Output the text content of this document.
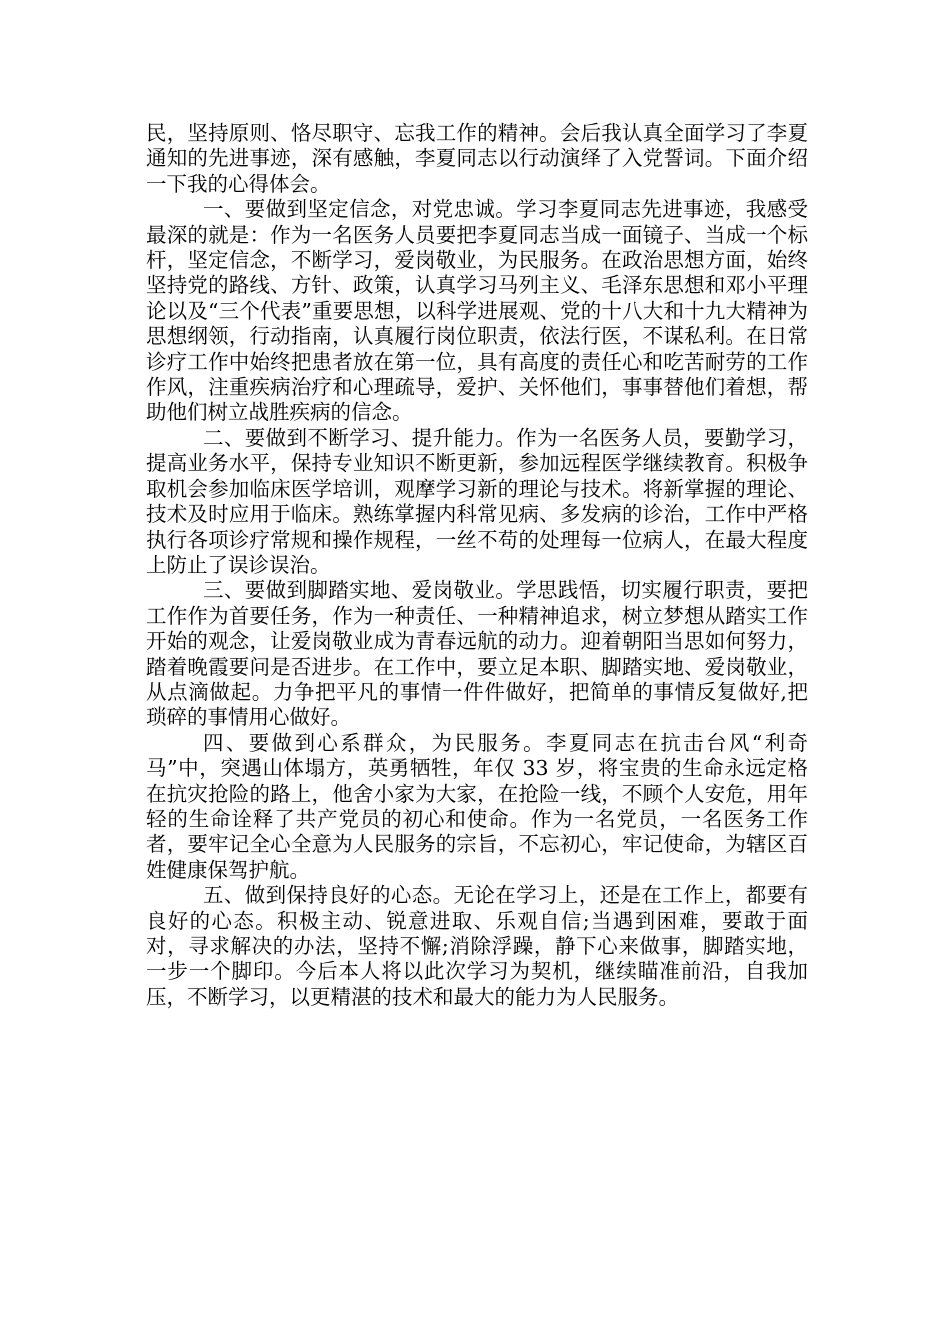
民，坚持原则、恪尽职守、忘我工作的精神。会后我认真全面学习了李夏通知的先进事迹，深有感触，李夏同志以行动演绎了入党誓词。下面介绍一下我的心得体会。

一、要做到坚定信念，对党忠诚。学习李夏同志先进事迹，我感受最深的就是：作为一名医务人员要把李夏同志当成一面镜子、当成一个标杆，坚定信念，不断学习，爱岗敬业，为民服务。在政治思想方面，始终坚持党的路线、方针、政策，认真学习马列主义、毛泽东思想和邓小平理论以及“三个代表”重要思想，以科学进展观、党的十八大和十九大精神为思想纲领，行动指南，认真履行岗位职责，依法行医，不谋私利。在日常诊疗工作中始终把患者放在第一位，具有高度的责任心和吃苦耐劳的工作作风，注重疾病治疗和心理疏导，爱护、关怀他们，事事替他们着想，帮助他们树立战胜疾病的信念。

二、要做到不断学习、提升能力。作为一名医务人员，要勤学习，提高业务水平，保持专业知识不断更新，参加远程医学继续教育。积极争取机会参加临床医学培训，观摩学习新的理论与技术。将新掌握的理论、技术及时应用于临床。熟练掌握内科常见病、多发病的诊治，工作中严格执行各项诊疗常规和操作规程，一丝不苟的处理每一位病人，在最大程度上防止了误诊误治。

三、要做到脚踏实地、爱岗敬业。学思践悟，切实履行职责，要把工作作为首要任务，作为一种责任、一种精神追求，树立梦想从踏实工作开始的观念，让爱岗敬业成为青春远航的动力。迎着朝阳当思如何努力，踏着晚霞要问是否进步。在工作中，要立足本职、脚踏实地、爱岗敬业，从点滴做起。力争把平凡的事情一件件做好，把简单的事情反复做好,把琐碎的事情用心做好。

四、要做到心系群众，为民服务。李夏同志在抗击台风“利奇马”中，突遇山体塌方，英勇牺牲，年仅 33 岁，将宝贵的生命永远定格在抗灾抢险的路上，他舍小家为大家，在抢险一线，不顾个人安危，用年轻的生命诠释了共产党员的初心和使命。作为一名党员，一名医务工作者，要牢记全心全意为人民服务的宗旨，不忘初心，牢记使命，为辖区百姓健康保驾护航。

五、做到保持良好的心态。无论在学习上，还是在工作上，都要有良好的心态。积极主动、锐意进取、乐观自信;当遇到困难，要敢于面对，寻求解决的办法，坚持不懈;消除浮躁，静下心来做事，脚踏实地，一步一个脚印。今后本人将以此次学习为契机，继续瞄准前沿，自我加压，不断学习，以更精湛的技术和最大的能力为人民服务。
